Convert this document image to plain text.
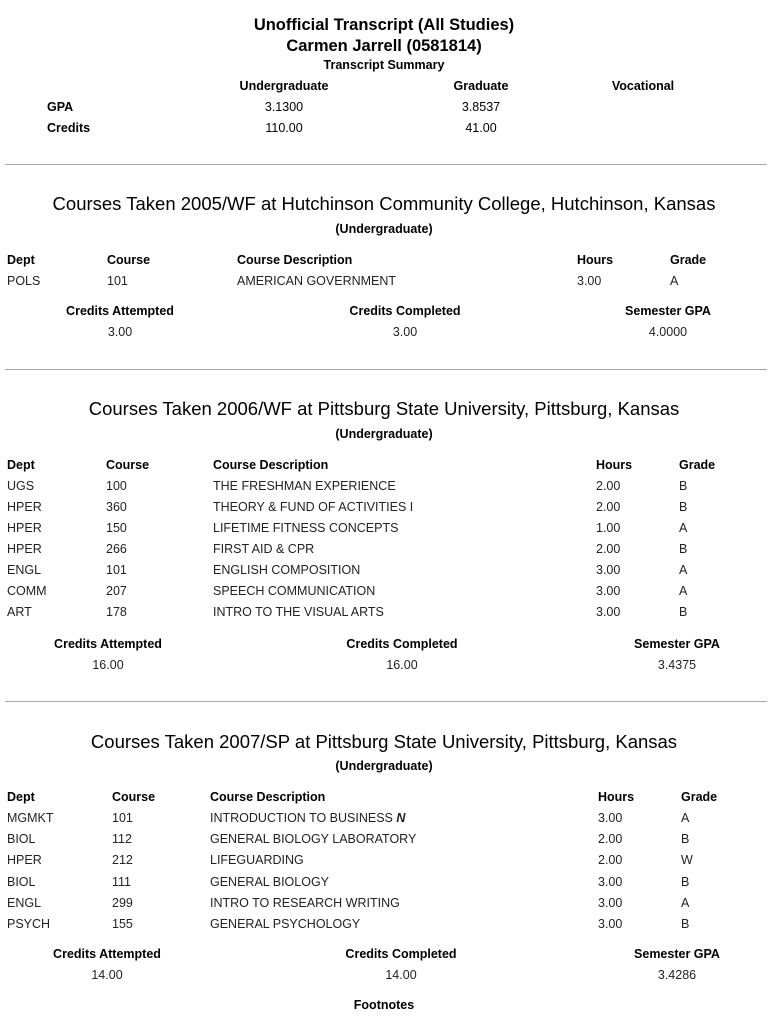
Unofficial Transcript (All Studies)
Carmen Jarrell (0581814)
Transcript Summary
Undergraduate	Graduate	Vocational
GPA	3.1300	3.8537
Credits	110.00	41.00
Courses Taken 2005/WF at Hutchinson Community College, Hutchinson, Kansas
(Undergraduate)
Dept	Course	Course Description	Hours	Grade
POLS	101	AMERICAN GOVERNMENT	3.00	A
Credits Attempted	Credits Completed	Semester GPA
3.00	3.00	4.0000
Courses Taken 2006/WF at Pittsburg State University, Pittsburg, Kansas
(Undergraduate)
Dept	Course	Course Description	Hours	Grade
UGS	100	THE FRESHMAN EXPERIENCE	2.00	B
HPER	360	THEORY & FUND OF ACTIVITIES I	2.00	B
HPER	150	LIFETIME FITNESS CONCEPTS	1.00	A
HPER	266	FIRST AID & CPR	2.00	B
ENGL	101	ENGLISH COMPOSITION	3.00	A
COMM	207	SPEECH COMMUNICATION	3.00	A
ART	178	INTRO TO THE VISUAL ARTS	3.00	B
Credits Attempted	Credits Completed	Semester GPA
16.00	16.00	3.4375
Courses Taken 2007/SP at Pittsburg State University, Pittsburg, Kansas
(Undergraduate)
Dept	Course	Course Description	Hours	Grade
MGMKT	101	INTRODUCTION TO BUSINESS N	3.00	A
BIOL	112	GENERAL BIOLOGY LABORATORY	2.00	B
HPER	212	LIFEGUARDING	2.00	W
BIOL	111	GENERAL BIOLOGY	3.00	B
ENGL	299	INTRO TO RESEARCH WRITING	3.00	A
PSYCH	155	GENERAL PSYCHOLOGY	3.00	B
Credits Attempted	Credits Completed	Semester GPA
14.00	14.00	3.4286
Footnotes
